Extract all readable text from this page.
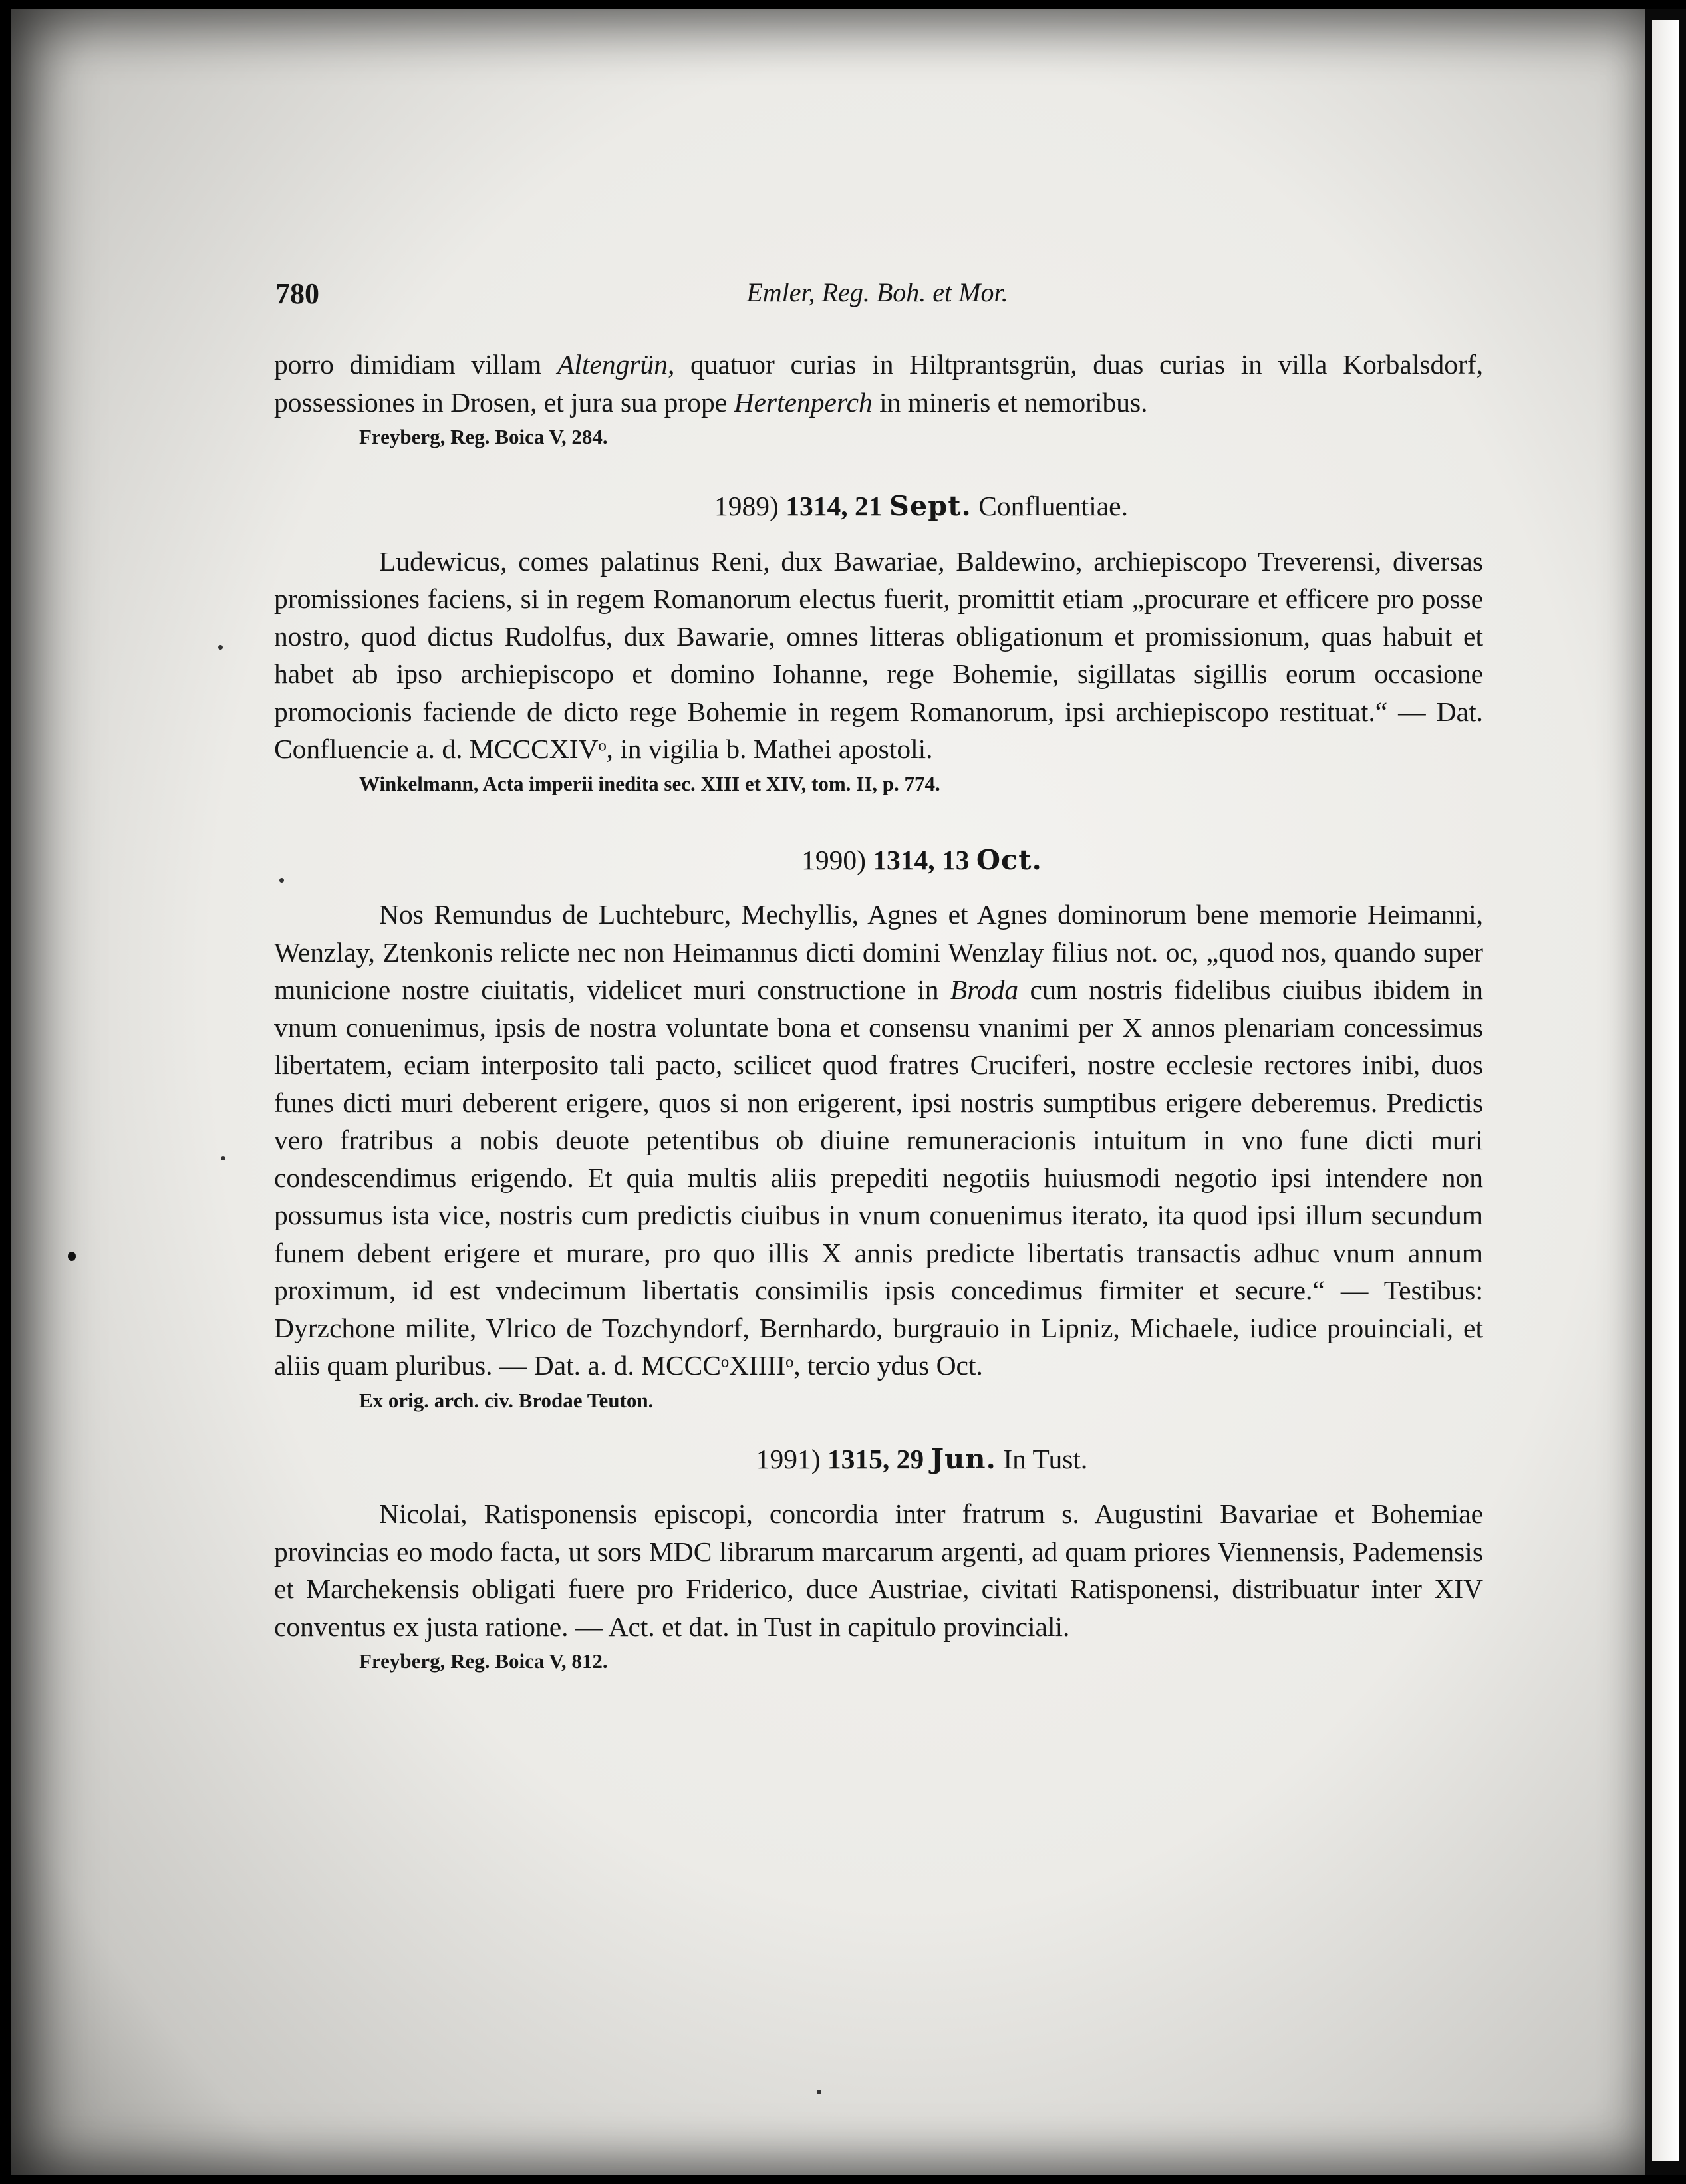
780	Emler, Reg. Boh. et Mor.

porro dimidiam villam Altengrün, quatuor curias in Hiltprantsgrün, duas curias in villa Korbalsdorf, possessiones in Drosen, et jura sua prope Hertenperch in mineris et nemoribus.

Freyberg, Reg. Boica V, 284.

1989) 1314, 21 Sept. Confluentiae.

Ludewicus, comes palatinus Reni, dux Bawariae, Baldewino, archiepiscopo Treverensi, diversas promissiones faciens, si in regem Romanorum electus fuerit, promittit etiam „procurare et efficere pro posse nostro, quod dictus Rudolfus, dux Bawarie, omnes litteras obligationum et promissionum, quas habuit et habet ab ipso archiepiscopo et domino Iohanne, rege Bohemie, sigillatas sigillis eorum occasione promocionis faciende de dicto rege Bohemie in regem Romanorum, ipsi archiepiscopo restituat.“ — Dat. Confluencie a. d. MCCCXIVᵒ, in vigilia b. Mathei apostoli.

Winkelmann, Acta imperii inedita sec. XIII et XIV, tom. II, p. 774.

1990) 1314, 13 Oct.

Nos Remundus de Luchteburc, Mechyllis, Agnes et Agnes dominorum bene memorie Heimanni, Wenzlay, Ztenkonis relicte nec non Heimannus dicti domini Wenzlay filius not. oc, „quod nos, quando super municione nostre ciuitatis, videlicet muri constructione in Broda cum nostris fidelibus ciuibus ibidem in vnum conuenimus, ipsis de nostra voluntate bona et consensu vnanimi per X annos plenariam concessimus libertatem, eciam interposito tali pacto, scilicet quod fratres Cruciferi, nostre ecclesie rectores inibi, duos funes dicti muri deberent erigere, quos si non erigerent, ipsi nostris sumptibus erigere deberemus. Predictis vero fratribus a nobis deuote petentibus ob diuine remuneracionis intuitum in vno fune dicti muri condescendimus erigendo. Et quia multis aliis prepediti negotiis huiusmodi negotio ipsi intendere non possumus ista vice, nostris cum predictis ciuibus in vnum conuenimus iterato, ita quod ipsi illum secundum funem debent erigere et murare, pro quo illis X annis predicte libertatis transactis adhuc vnum annum proximum, id est vndecimum libertatis consimilis ipsis concedimus firmiter et secure.“ — Testibus: Dyrzchone milite, Vlrico de Tozchyndorf, Bernhardo, burgrauio in Lipniz, Michaele, iudice prouinciali, et aliis quam pluribus. — Dat. a. d. MCCCᵒXIIIIᵒ, tercio ydus Oct.

Ex orig. arch. civ. Brodae Teuton.

1991) 1315, 29 Jun. In Tust.

Nicolai, Ratisponensis episcopi, concordia inter fratrum s. Augustini Bavariae et Bohemiae provincias eo modo facta, ut sors MDC librarum marcarum argenti, ad quam priores Viennensis, Pademensis et Marchekensis obligati fuere pro Friderico, duce Austriae, civitati Ratisponensi, distribuatur inter XIV conventus ex justa ratione. — Act. et dat. in Tust in capitulo provinciali.

Freyberg, Reg. Boica V, 812.
